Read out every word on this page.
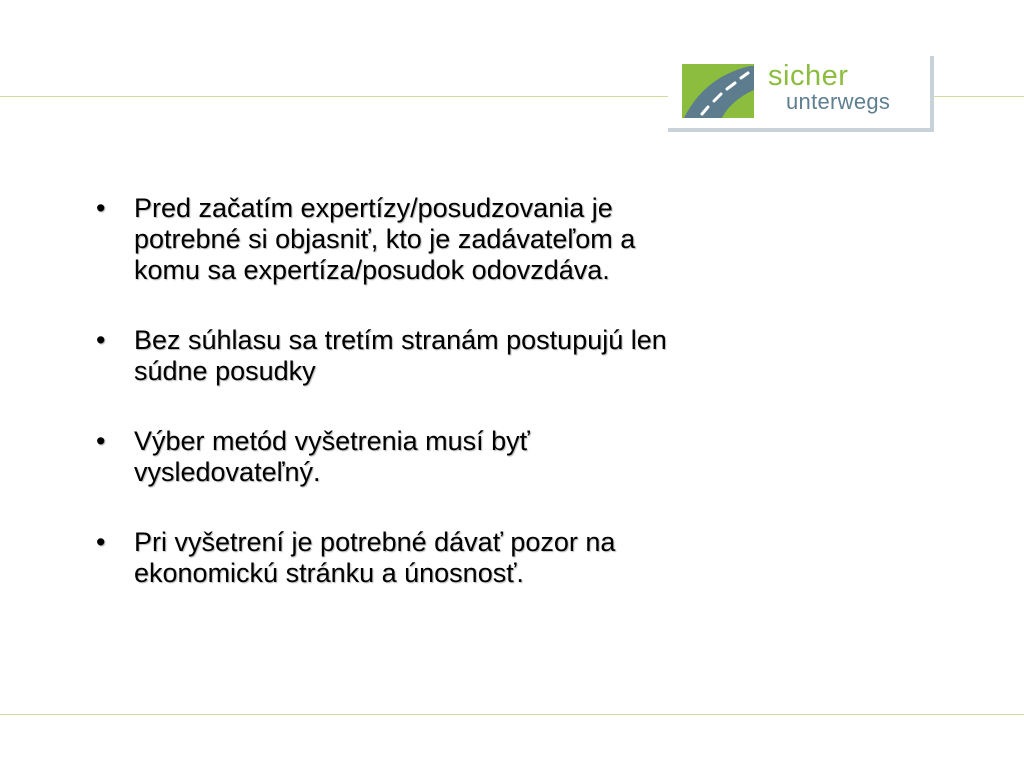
sicher
unterwegs
• Pred začatím expertízy/posudzovania je
potrebné si objasniť, kto je zadávateľom a
komu sa expertíza/posudok odovzdáva.
• Bez súhlasu sa tretím stranám postupujú len
súdne posudky
• Výber metód vyšetrenia musí byť
vysledovateľný.
• Pri vyšetrení je potrebné dávať pozor na
ekonomickú stránku a únosnosť.
